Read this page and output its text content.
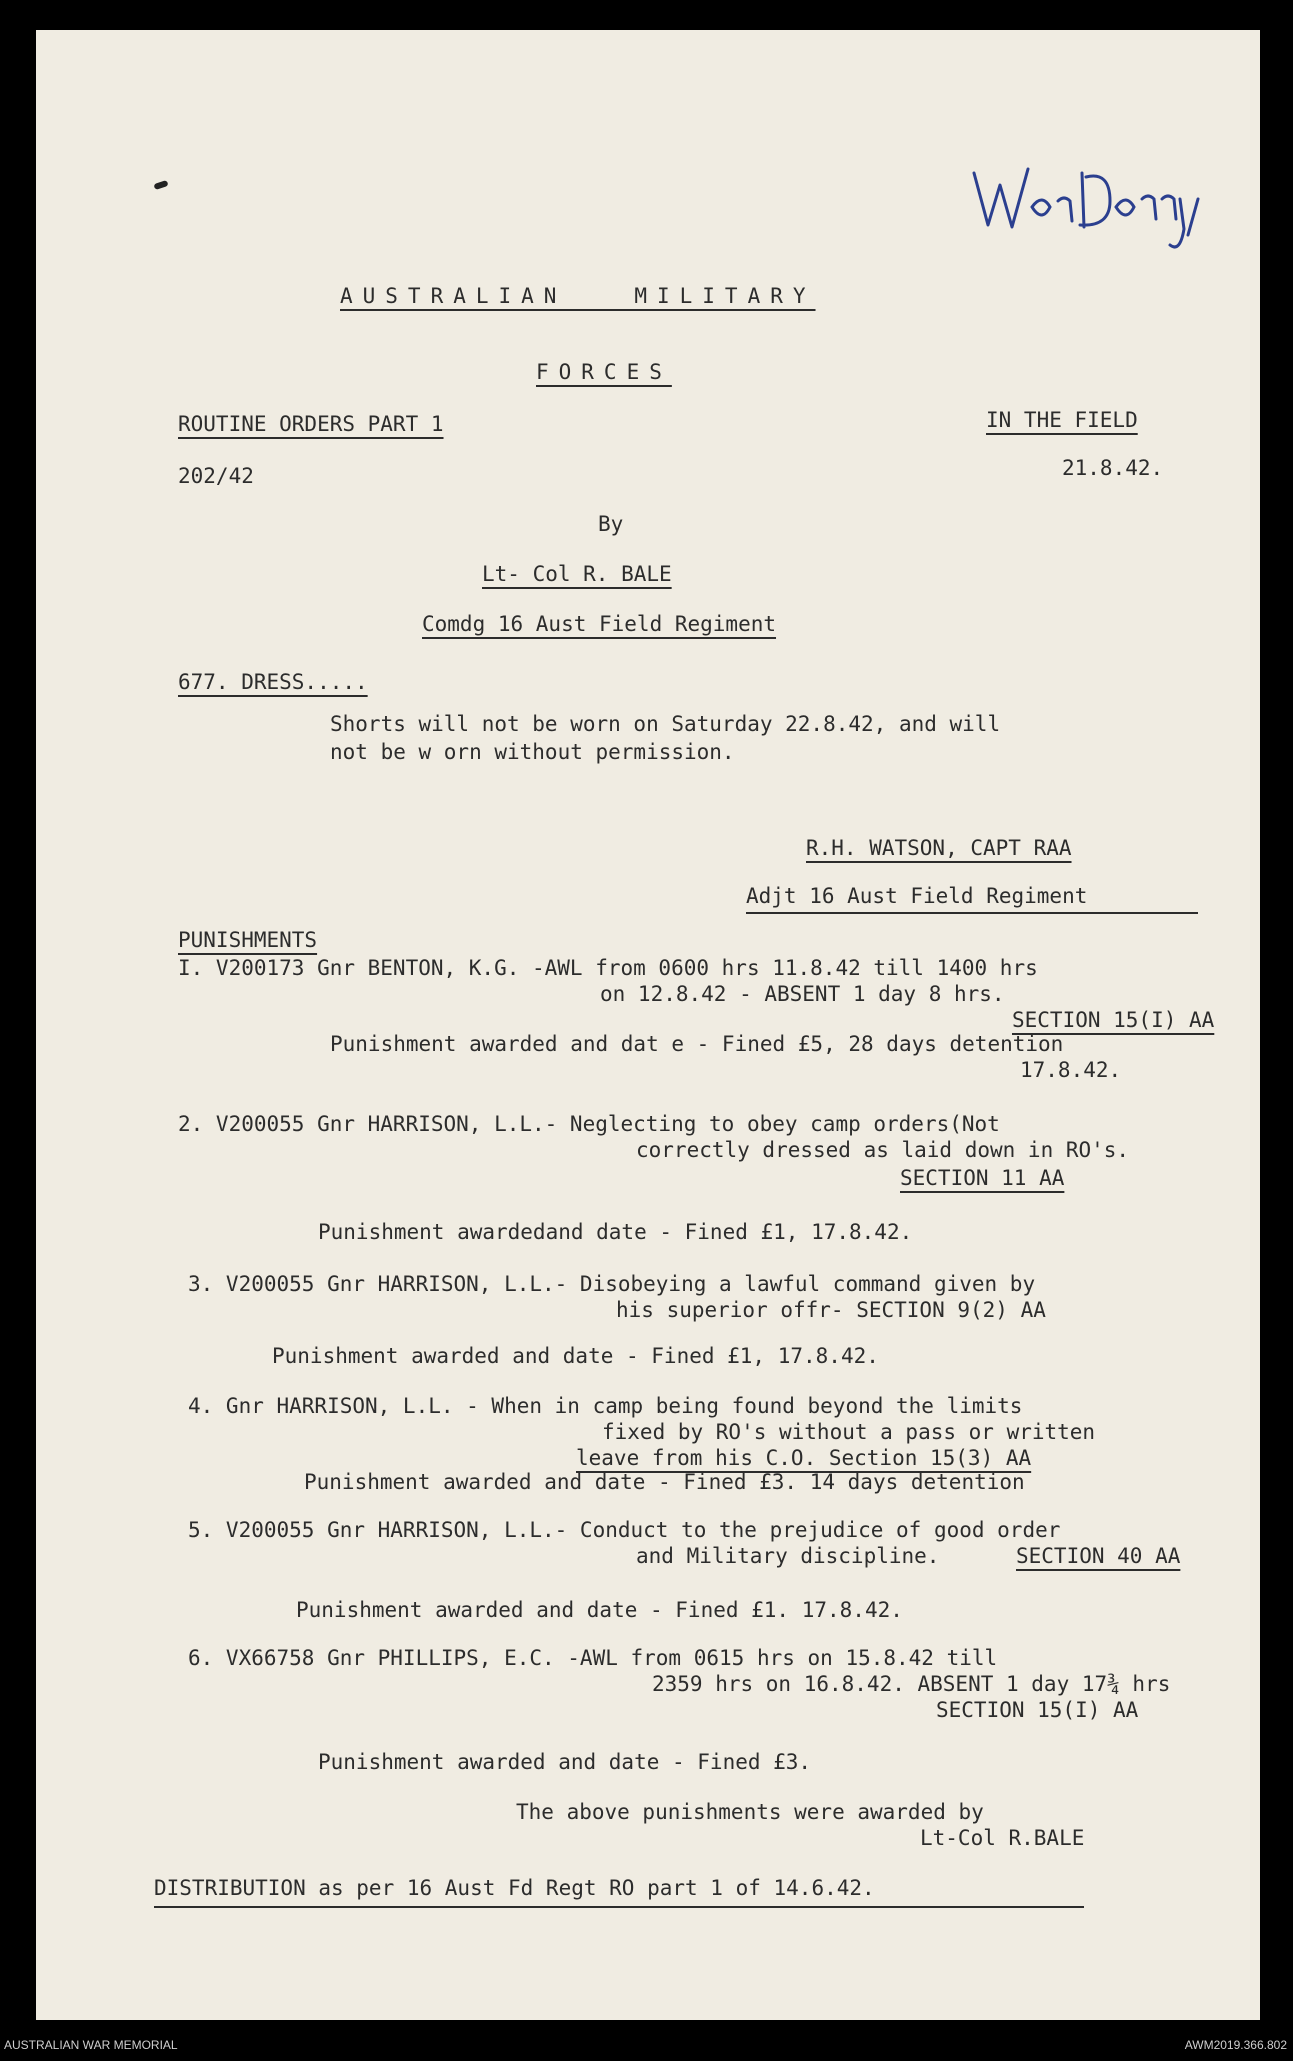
War Diary
AUSTRALIAN   MILITARY
FORCES
ROUTINE ORDERS PART 1	IN THE FIELD
202/42	21.8.42.
By
Lt- Col R. BALE
Comdg 16 Aust Field Regiment
677. DRESS.....
Shorts will not be worn on Saturday 22.8.42, and will
not be w orn without permission.
R.H. WATSON, CAPT RAA
Adjt 16 Aust Field Regiment
PUNISHMENTS
I. V200173 Gnr BENTON, K.G. -AWL from 0600 hrs 11.8.42 till 1400 hrs
on 12.8.42 - ABSENT 1 day 8 hrs.
SECTION 15(I) AA
Punishment awarded and dat e - Fined £5, 28 days detention
17.8.42.
2. V200055 Gnr HARRISON, L.L.- Neglecting to obey camp orders(Not
correctly dressed as laid down in RO's.
SECTION 11 AA
Punishment awardedand date - Fined £1, 17.8.42.
3. V200055 Gnr HARRISON, L.L.- Disobeying a lawful command given by
his superior offr- SECTION 9(2) AA
Punishment awarded and date - Fined £1, 17.8.42.
4. Gnr HARRISON, L.L. - When in camp being found beyond the limits
fixed by RO's without a pass or written
leave from his C.O. Section 15(3) AA
Punishment awarded and date - Fined £3. 14 days detention
5. V200055 Gnr HARRISON, L.L.- Conduct to the prejudice of good order
and Military discipline.	SECTION 40 AA
Punishment awarded and date - Fined £1. 17.8.42.
6. VX66758 Gnr PHILLIPS, E.C. -AWL from 0615 hrs on 15.8.42 till
2359 hrs on 16.8.42. ABSENT 1 day 17¾ hrs
SECTION 15(I) AA
Punishment awarded and date - Fined £3.
The above punishments were awarded by
Lt-Col R.BALE
DISTRIBUTION as per 16 Aust Fd Regt RO part 1 of 14.6.42.
AUSTRALIAN WAR MEMORIAL	AWM2019.366.802
